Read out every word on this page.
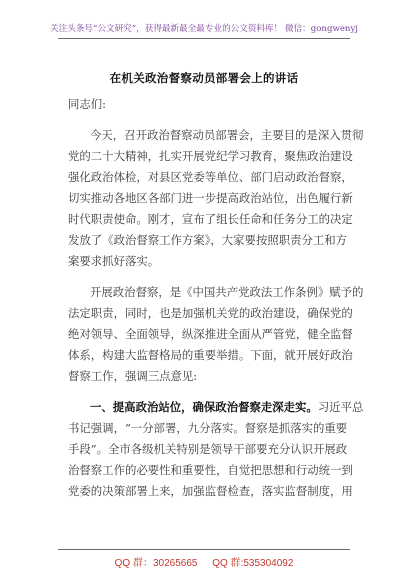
关注头条号“公文研究”，获得最新最全最专业的公文资料库！ 微信：gongwenyj
在机关政治督察动员部署会上的讲话
同志们:
今天，召开政治督察动员部署会，主要目的是深入贯彻
党的二十大精神，扎实开展党纪学习教育，聚焦政治建设
强化政治体检，对县区党委等单位、部门启动政治督察，
切实推动各地区各部门进一步提高政治站位，出色履行新
时代职责使命。刚才，宣布了组长任命和任务分工的决定
发放了《政治督察工作方案》，大家要按照职责分工和方
案要求抓好落实。
开展政治督察，是《中国共产党政法工作条例》赋予的
法定职责，同时，也是加强机关党的政治建设，确保党的
绝对领导、全面领导，纵深推进全面从严管党，健全监督
体系，构建大监督格局的重要举措。下面，就开展好政治
督察工作，强调三点意见:
一、提高政治站位，确保政治督察走深走实。习近平总
书记强调，“一分部署，九分落实。督察是抓落实的重要
手段”。全市各级机关特别是领导干部要充分认识开展政
治督察工作的必要性和重要性，自觉把思想和行动统一到
党委的决策部署上来，加强监督检查，落实监督制度，用
QQ 群：30265665 QQ 群:535304092
